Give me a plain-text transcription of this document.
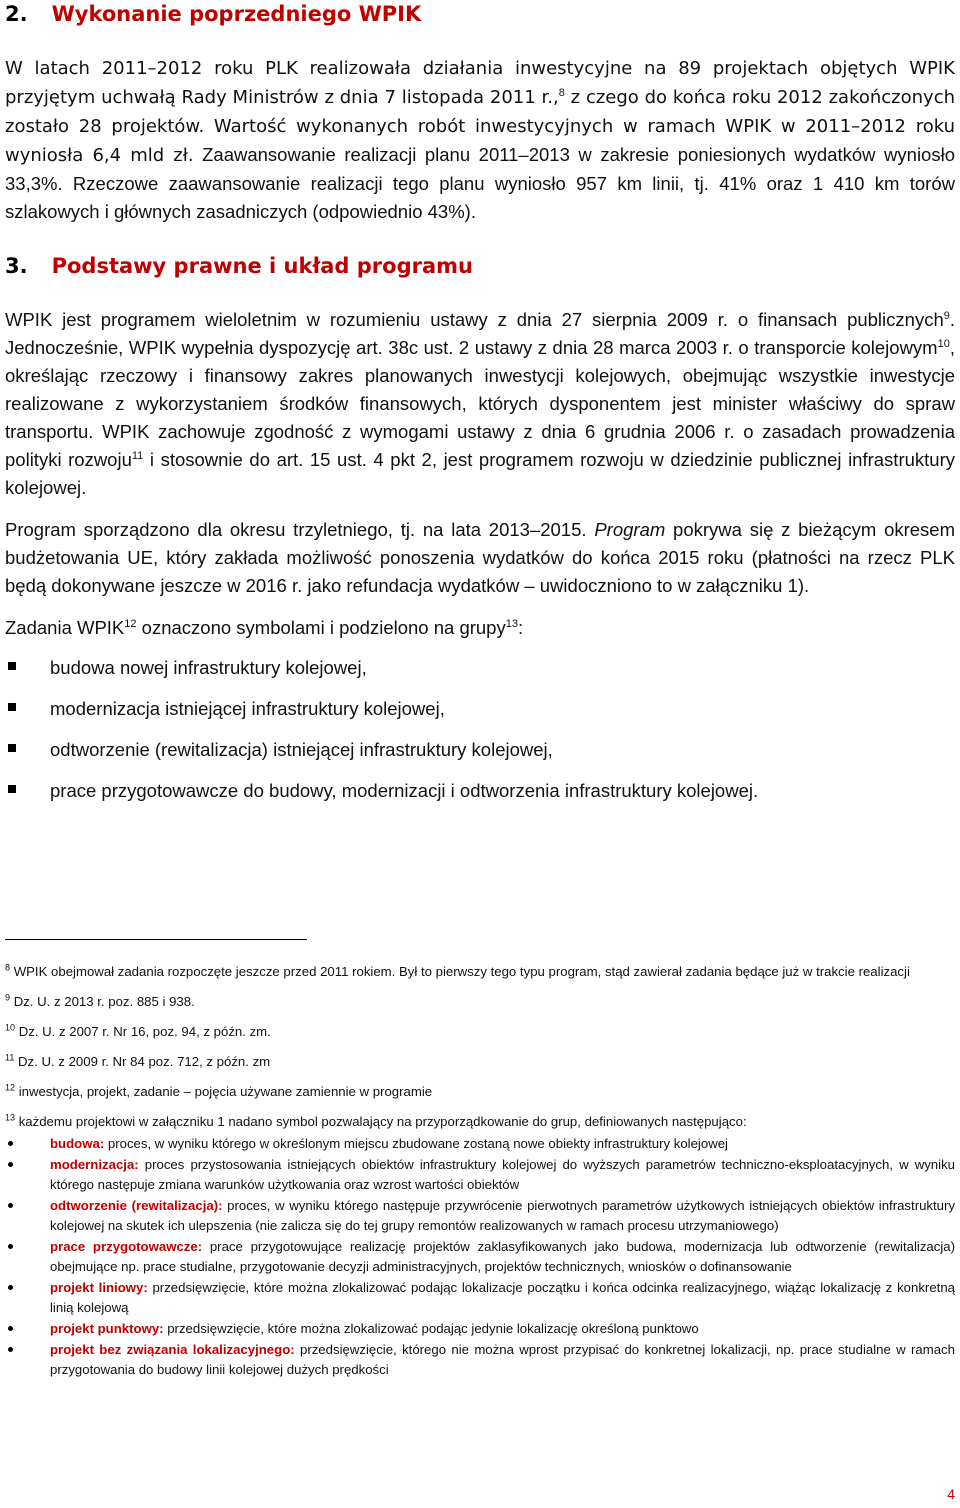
2. Wykonanie poprzedniego WPIK

W latach 2011–2012 roku PLK realizowała działania inwestycyjne na 89 projektach objętych WPIK przyjętym uchwałą Rady Ministrów z dnia 7 listopada 2011 r.,$^8$ z czego do końca roku 2012 zakończonych zostało 28 projektów. Wartość wykonanych robót inwestycyjnych w ramach WPIK w 2011–2012 roku wyniosła 6,4 mld zł. Zaawansowanie realizacji planu 2011–2013 w zakresie poniesionych wydatków wyniosło 33,3%. Rzeczowe zaawansowanie realizacji tego planu wyniosło 957 km linii, tj. 41% oraz 1 410 km torów szlakowych i głównych zasadniczych (odpowiednio 43%).

3. Podstawy prawne i układ programu

WPIK jest programem wieloletnim w rozumieniu ustawy z dnia 27 sierpnia 2009 r. o finansach publicznych$^9$. Jednocześnie, WPIK wypełnia dyspozycję art. 38c ust. 2 ustawy z dnia 28 marca 2003 r. o transporcie kolejowym$^{10}$, określając rzeczowy i finansowy zakres planowanych inwestycji kolejowych, obejmując wszystkie inwestycje realizowane z wykorzystaniem środków finansowych, których dysponentem jest minister właściwy do spraw transportu. WPIK zachowuje zgodność z wymogami ustawy z dnia 6 grudnia 2006 r. o zasadach prowadzenia polityki rozwoju$^{11}$ i stosownie do art. 15 ust. 4 pkt 2, jest programem rozwoju w dziedzinie publicznej infrastruktury kolejowej.

Program sporządzono dla okresu trzyletniego, tj. na lata 2013–2015. Program pokrywa się z bieżącym okresem budżetowania UE, który zakłada możliwość ponoszenia wydatków do końca 2015 roku (płatności na rzecz PLK będą dokonywane jeszcze w 2016 r. jako refundacja wydatków – uwidoczniono to w załączniku 1).

Zadania WPIK$^{12}$ oznaczono symbolami i podzielono na grupy$^{13}$:

budowa nowej infrastruktury kolejowej,
modernizacja istniejącej infrastruktury kolejowej,
odtworzenie (rewitalizacja) istniejącej infrastruktury kolejowej,
prace przygotowawcze do budowy, modernizacji i odtworzenia infrastruktury kolejowej.

$^8$ WPIK obejmował zadania rozpoczęte jeszcze przed 2011 rokiem. Był to pierwszy tego typu program, stąd zawierał zadania będące już w trakcie realizacji

$^9$ Dz. U. z 2013 r. poz. 885 i 938.

$^{10}$ Dz. U. z 2007 r. Nr 16, poz. 94, z późn. zm.

$^{11}$ Dz. U. z 2009 r. Nr 84 poz. 712, z późn. zm

$^{12}$ inwestycja, projekt, zadanie – pojęcia używane zamiennie w programie

$^{13}$ każdemu projektowi w załączniku 1 nadano symbol pozwalający na przyporządkowanie do grup, definiowanych następująco:

budowa: proces, w wyniku którego w określonym miejscu zbudowane zostaną nowe obiekty infrastruktury kolejowej
modernizacja: proces przystosowania istniejących obiektów infrastruktury kolejowej do wyższych parametrów techniczno-eksploatacyjnych, w wyniku którego następuje zmiana warunków użytkowania oraz wzrost wartości obiektów
odtworzenie (rewitalizacja): proces, w wyniku którego następuje przywrócenie pierwotnych parametrów użytkowych istniejących obiektów infrastruktury kolejowej na skutek ich ulepszenia (nie zalicza się do tej grupy remontów realizowanych w ramach procesu utrzymaniowego)
prace przygotowawcze: prace przygotowujące realizację projektów zaklasyfikowanych jako budowa, modernizacja lub odtworzenie (rewitalizacja) obejmujące np. prace studialne, przygotowanie decyzji administracyjnych, projektów technicznych, wniosków o dofinansowanie
projekt liniowy: przedsięwzięcie, które można zlokalizować podając lokalizacje początku i końca odcinka realizacyjnego, wiążąc lokalizację z konkretną linią kolejową
projekt punktowy: przedsięwzięcie, które można zlokalizować podając jedynie lokalizację określoną punktowo
projekt bez związania lokalizacyjnego: przedsięwzięcie, którego nie można wprost przypisać do konkretnej lokalizacji, np. prace studialne w ramach przygotowania do budowy linii kolejowej dużych prędkości
4
